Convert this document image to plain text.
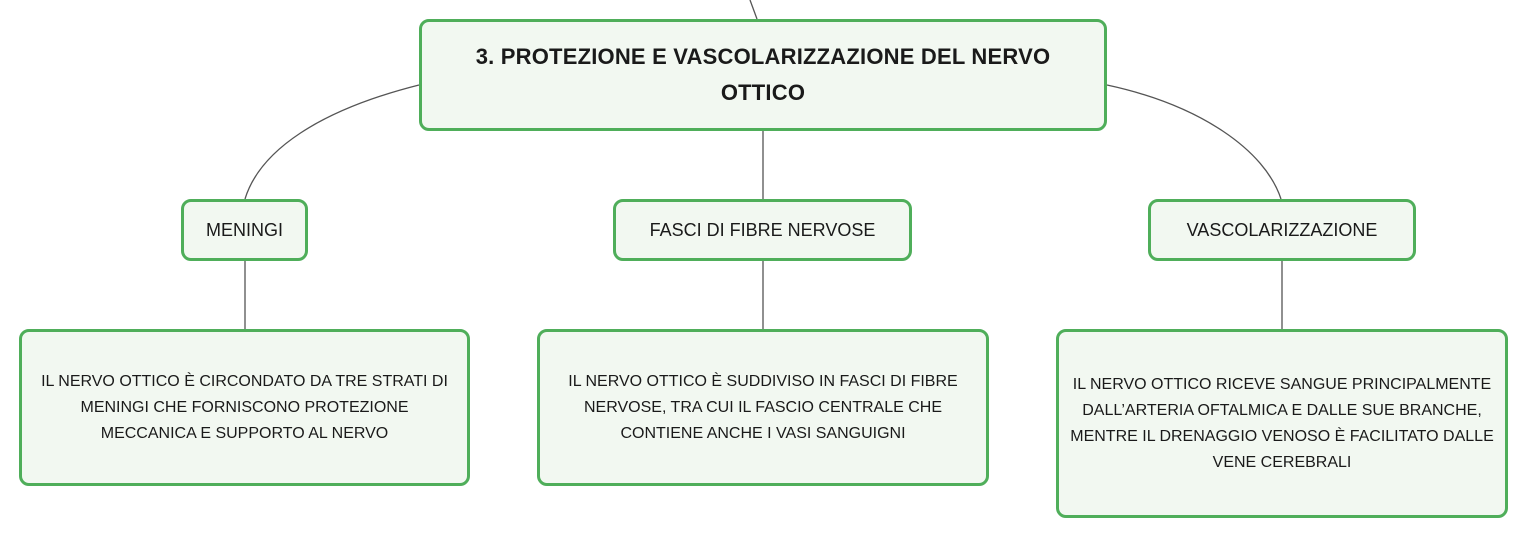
3. PROTEZIONE E VASCOLARIZZAZIONE DEL NERVO OTTICO
MENINGI	FASCI DI FIBRE NERVOSE	VASCOLARIZZAZIONE
IL NERVO OTTICO È CIRCONDATO DA TRE STRATI DI MENINGI CHE FORNISCONO PROTEZIONE MECCANICA E SUPPORTO AL NERVO
IL NERVO OTTICO È SUDDIVISO IN FASCI DI FIBRE NERVOSE, TRA CUI IL FASCIO CENTRALE CHE CONTIENE ANCHE I VASI SANGUIGNI
IL NERVO OTTICO RICEVE SANGUE PRINCIPALMENTE DALL’ARTERIA OFTALMICA E DALLE SUE BRANCHE, MENTRE IL DRENAGGIO VENOSO È FACILITATO DALLE VENE CEREBRALI
